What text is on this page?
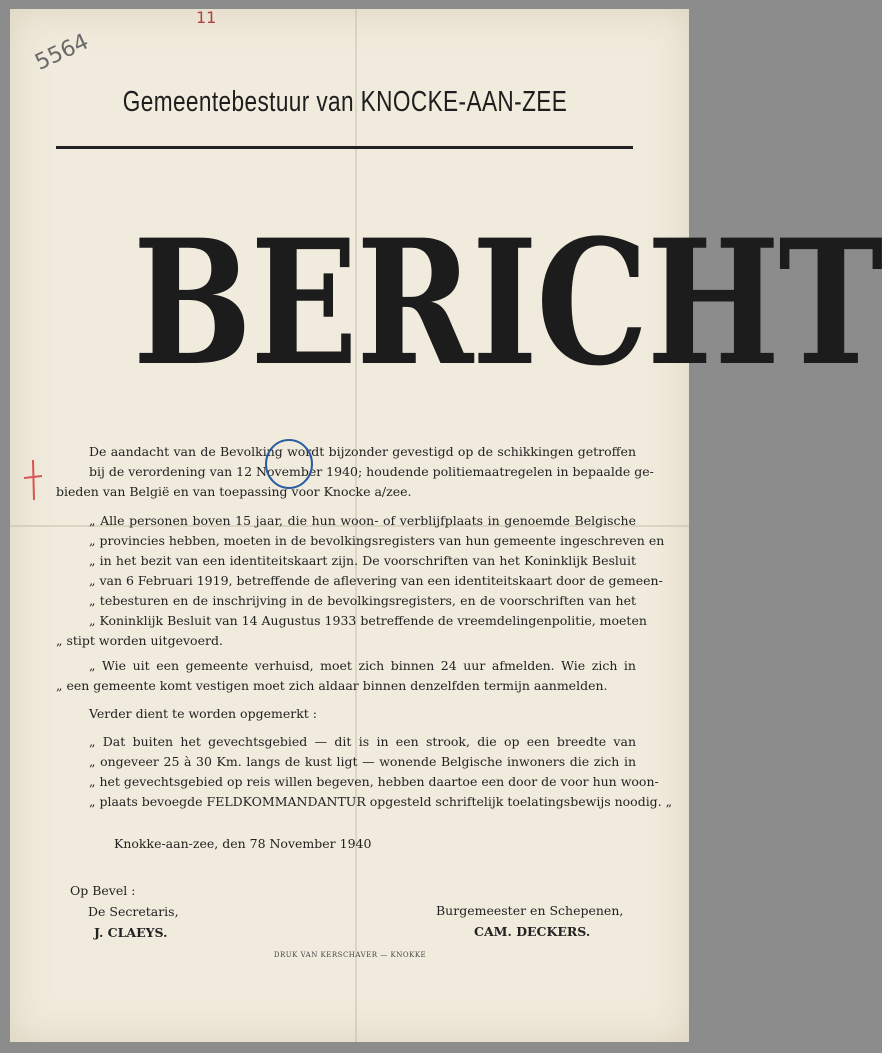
5564
11
Gemeentebestuur van KNOCKE-AAN-ZEE
BERICHT
De aandacht van de Bevolking wordt bijzonder gevestigd op de schikkingen getroffen
bij de verordening van 12 November 1940; houdende politiemaatregelen in bepaalde ge-
bieden van België en van toepassing voor Knocke a/zee.
„ Alle personen boven 15 jaar, die hun woon- of verblijfplaats in genoemde Belgische
„ provincies hebben, moeten in de bevolkingsregisters van hun gemeente ingeschreven en
„ in het bezit van een identiteitskaart zijn. De voorschriften van het Koninklijk Besluit
„ van 6 Februari 1919, betreffende de aflevering van een identiteitskaart door de gemeen-
„ tebesturen en de inschrijving in de bevolkingsregisters, en de voorschriften van het
„ Koninklijk Besluit van 14 Augustus 1933 betreffende de vreemdelingenpolitie, moeten
„ stipt worden uitgevoerd.
„ Wie uit een gemeente verhuisd, moet zich binnen 24 uur afmelden. Wie zich in
„ een gemeente komt vestigen moet zich aldaar binnen denzelfden termijn aanmelden.
Verder dient te worden opgemerkt :
„ Dat buiten het gevechtsgebied — dit is in een strook, die op een breedte van
„ ongeveer 25 à 30 Km. langs de kust ligt — wonende Belgische inwoners die zich in
„ het gevechtsgebied op reis willen begeven, hebben daartoe een door de voor hun woon-
„ plaats bevoegde FELDKOMMANDANTUR opgesteld schriftelijk toelatingsbewijs noodig. „
Knokke-aan-zee, den 78 November 1940
Op Bevel :
De Secretaris,
J. CLAEYS.
Burgemeester en Schepenen,
CAM. DECKERS.
DRUK VAN KERSCHAVER — KNOKKE
